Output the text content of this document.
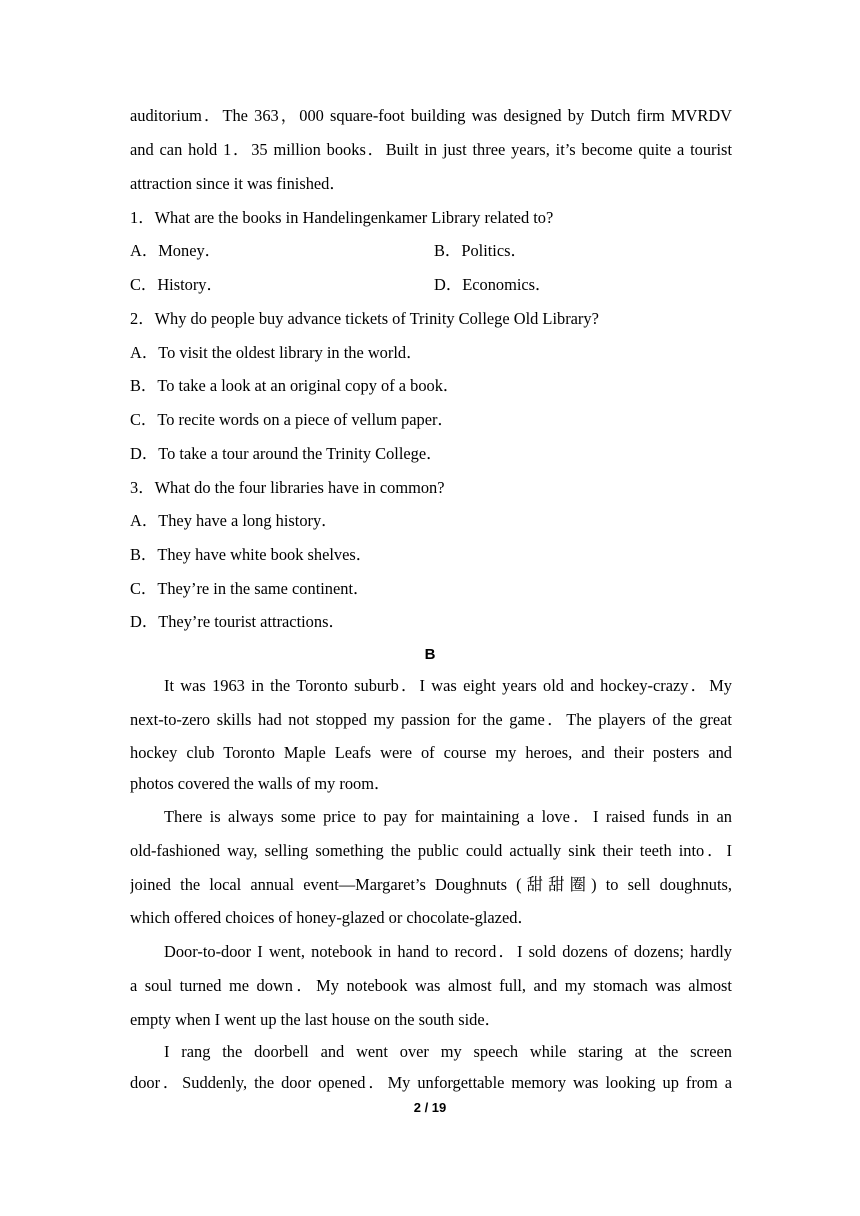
auditorium．The 363，000 square-foot building was designed by Dutch firm MVRDV
and can hold 1．35 million books．Built in just three years, it’s become quite a tourist
attraction since it was finished．
1．What are the books in Handelingenkamer Library related to?
A．Money．	B．Politics．
C．History．	D．Economics．
2．Why do people buy advance tickets of Trinity College Old Library?
A．To visit the oldest library in the world．
B．To take a look at an original copy of a book．
C．To recite words on a piece of vellum paper．
D．To take a tour around the Trinity College．
3．What do the four libraries have in common?
A．They have a long history．
B．They have white book shelves．
C．They’re in the same continent．
D．They’re tourist attractions．
B
It was 1963 in the Toronto suburb．I was eight years old and hockey-crazy．My
next-to-zero skills had not stopped my passion for the game．The players of the great
hockey club Toronto Maple Leafs were of course my heroes, and their posters and
photos covered the walls of my room．
There is always some price to pay for maintaining a love．I raised funds in an
old-fashioned way, selling something the public could actually sink their teeth into．I
joined the local annual event—Margaret’s Doughnuts (甜甜圈) to sell doughnuts,
which offered choices of honey-glazed or chocolate-glazed．
Door-to-door I went, notebook in hand to record．I sold dozens of dozens; hardly
a soul turned me down．My notebook was almost full, and my stomach was almost
empty when I went up the last house on the south side．
I rang the doorbell and went over my speech while staring at the screen
door．Suddenly, the door opened．My unforgettable memory was looking up from a
2 / 19
